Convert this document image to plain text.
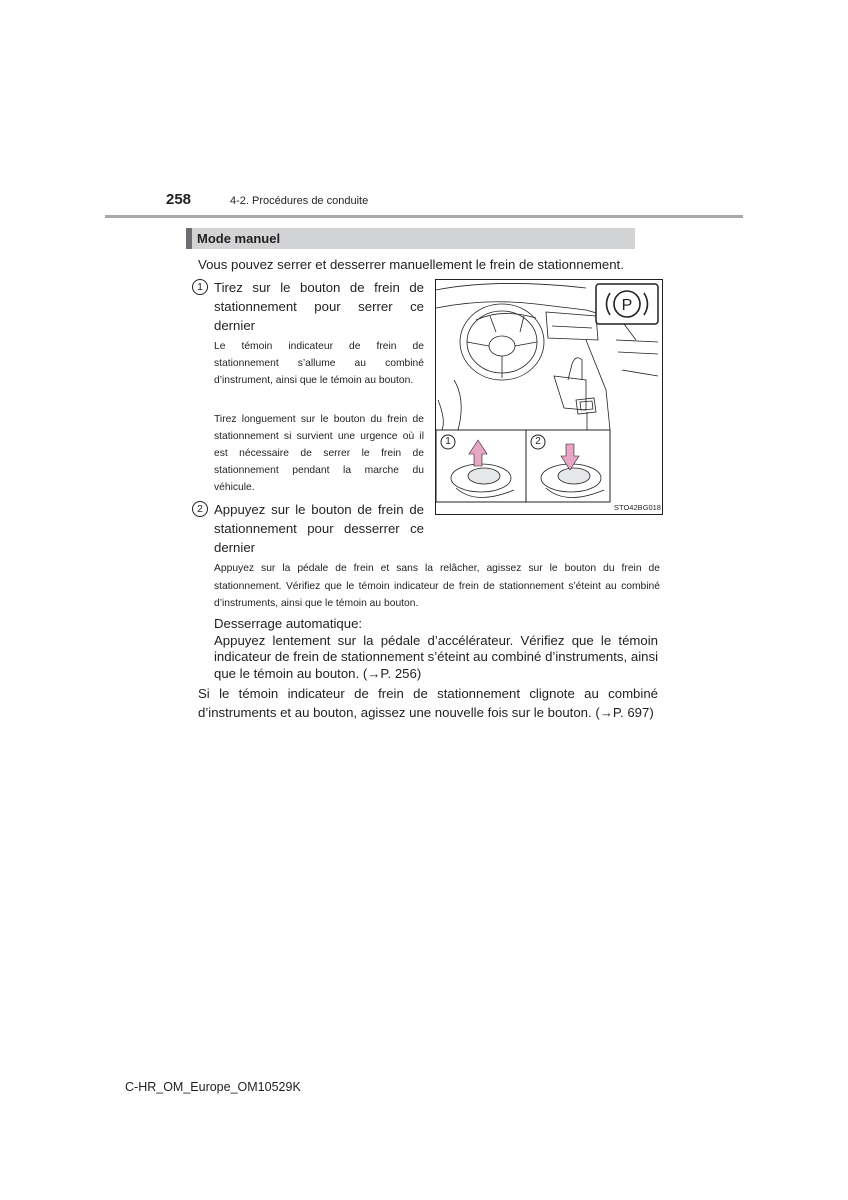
258	4-2. Procédures de conduite
Mode manuel
Vous pouvez serrer et desserrer manuellement le frein de stationnement.
1 Tirez sur le bouton de frein de stationnement pour serrer ce dernier
Le témoin indicateur de frein de stationnement s’allume au combiné d’instrument, ainsi que le témoin au bouton.
Tirez longuement sur le bouton du frein de stationnement si survient une urgence où il est nécessaire de serrer le frein de stationnement pendant la marche du véhicule.
2 Appuyez sur le bouton de frein de stationnement pour desserrer ce dernier
Appuyez sur la pédale de frein et sans la relâcher, agissez sur le bouton du frein de stationnement. Vérifiez que le témoin indicateur de frein de stationnement s’éteint au combiné d’instruments, ainsi que le témoin au bouton.
Desserrage automatique:
Appuyez lentement sur la pédale d’accélérateur. Vérifiez que le témoin indicateur de frein de stationnement s’éteint au combiné d’instruments, ainsi que le témoin au bouton. (→P. 256)
Si le témoin indicateur de frein de stationnement clignote au combiné d’instruments et au bouton, agissez une nouvelle fois sur le bouton. (→P. 697)
P
1	2
STO42BG018
C-HR_OM_Europe_OM10529K
